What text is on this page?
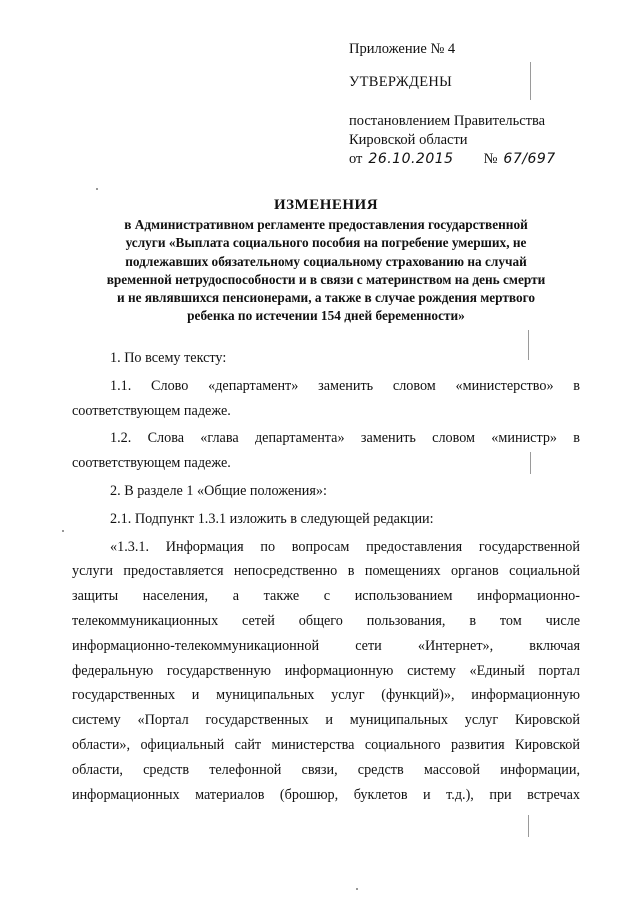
Приложение № 4
УТВЕРЖДЕНЫ
постановлением Правительства
Кировской области
от 26.10.2015 № 67/697
ИЗМЕНЕНИЯ
в Административном регламенте предоставления государственной
услуги «Выплата социального пособия на погребение умерших, не
подлежавших обязательному социальному страхованию на случай
временной нетрудоспособности и в связи с материнством на день смерти
и не являвшихся пенсионерами, а также в случае рождения мертвого
ребенка по истечении 154 дней беременности»

1. По всему тексту:

1.1. Слово «департамент» заменить словом «министерство» в

соответствующем падеже.

1.2. Слова «глава департамента» заменить словом «министр» в

соответствующем падеже.

2. В разделе 1 «Общие положения»:

2.1. Подпункт 1.3.1 изложить в следующей редакции:

«1.3.1. Информация по вопросам предоставления государственной

услуги предоставляется непосредственно в помещениях органов социальной

защиты населения, а также с использованием информационно-

телекоммуникационных сетей общего пользования, в том числе

информационно-телекоммуникационной сети «Интернет», включая

федеральную государственную информационную систему «Единый портал

государственных и муниципальных услуг (функций)», информационную

систему «Портал государственных и муниципальных услуг Кировской

области», официальный сайт министерства социального развития Кировской

области, средств телефонной связи, средств массовой информации,

информационных материалов (брошюр, буклетов и т.д.), при встречах
